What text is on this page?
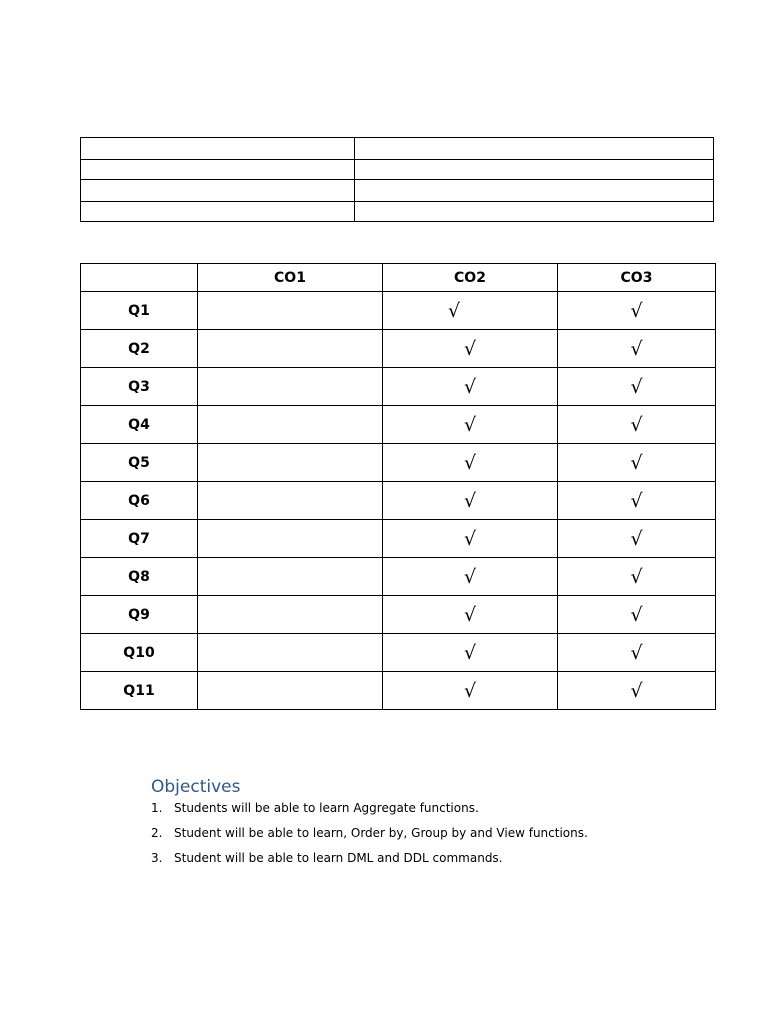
	CO1	CO2	CO3
Q1		√	√
Q2		√	√
Q3		√	√
Q4		√	√
Q5		√	√
Q6		√	√
Q7		√	√
Q8		√	√
Q9		√	√
Q10		√	√
Q11		√	√
Objectives
1. Students will be able to learn Aggregate functions.
2. Student will be able to learn, Order by, Group by and View functions.
3. Student will be able to learn DML and DDL commands.
